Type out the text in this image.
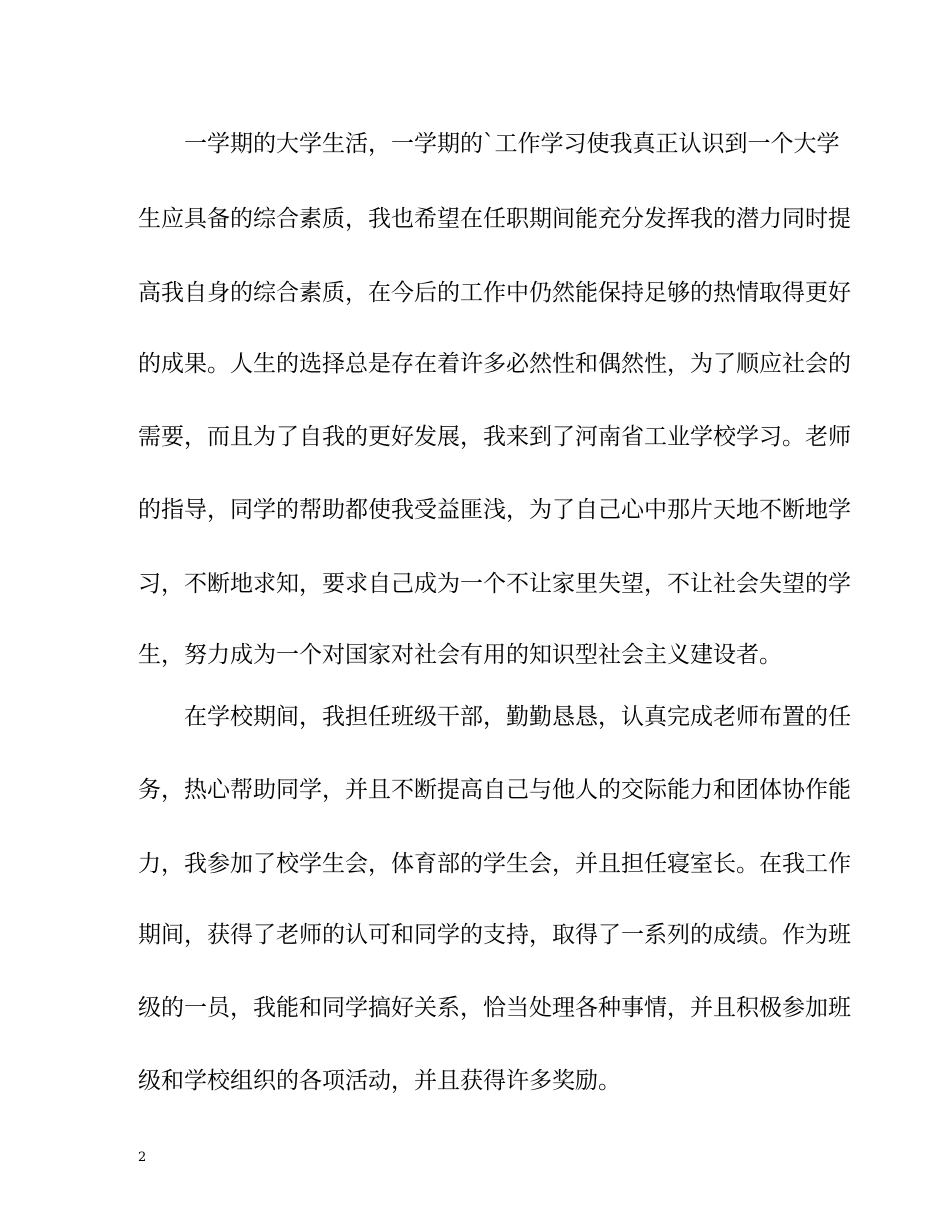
一学期的大学生活，一学期的`工作学习使我真正认识到一个大学
生应具备的综合素质，我也希望在任职期间能充分发挥我的潜力同时提
高我自身的综合素质，在今后的工作中仍然能保持足够的热情取得更好
的成果。人生的选择总是存在着许多必然性和偶然性，为了顺应社会的
需要，而且为了自我的更好发展，我来到了河南省工业学校学习。老师
的指导，同学的帮助都使我受益匪浅，为了自己心中那片天地不断地学
习，不断地求知，要求自己成为一个不让家里失望，不让社会失望的学
生，努力成为一个对国家对社会有用的知识型社会主义建设者。
在学校期间，我担任班级干部，勤勤恳恳，认真完成老师布置的任
务，热心帮助同学，并且不断提高自己与他人的交际能力和团体协作能
力，我参加了校学生会，体育部的学生会，并且担任寝室长。在我工作
期间，获得了老师的认可和同学的支持，取得了一系列的成绩。作为班
级的一员，我能和同学搞好关系，恰当处理各种事情，并且积极参加班
级和学校组织的各项活动，并且获得许多奖励。
2
